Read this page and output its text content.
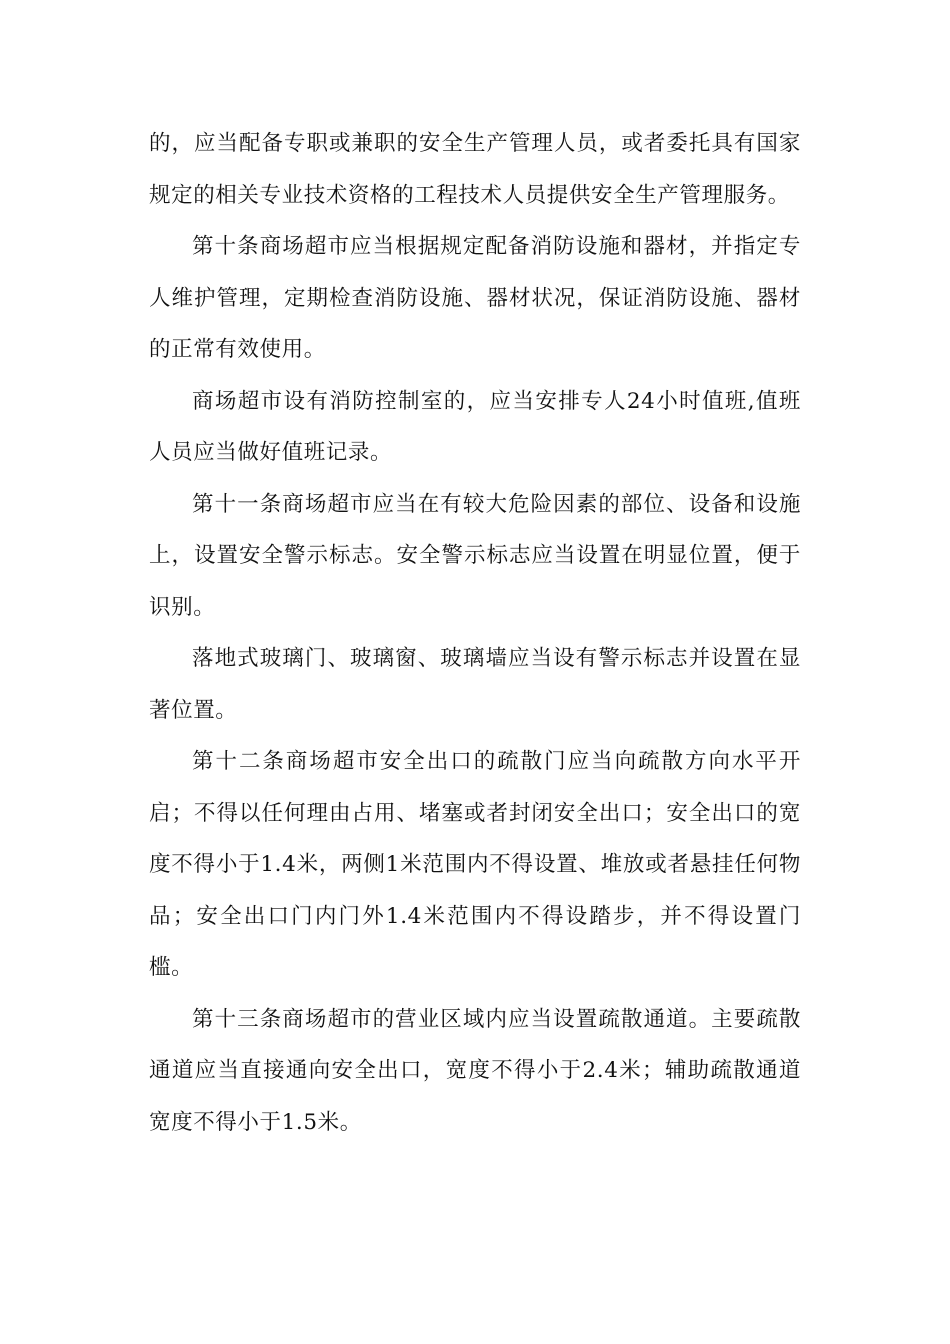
的，应当配备专职或兼职的安全生产管理人员，或者委托具有国家规定的相关专业技术资格的工程技术人员提供安全生产管理服务。

第十条商场超市应当根据规定配备消防设施和器材，并指定专人维护管理，定期检查消防设施、器材状况，保证消防设施、器材的正常有效使用。

商场超市设有消防控制室的，应当安排专人24小时值班,值班人员应当做好值班记录。

第十一条商场超市应当在有较大危险因素的部位、设备和设施上，设置安全警示标志。安全警示标志应当设置在明显位置，便于识别。

落地式玻璃门、玻璃窗、玻璃墙应当设有警示标志并设置在显著位置。

第十二条商场超市安全出口的疏散门应当向疏散方向水平开启；不得以任何理由占用、堵塞或者封闭安全出口；安全出口的宽度不得小于1.4米，两侧1米范围内不得设置、堆放或者悬挂任何物品；安全出口门内门外1.4米范围内不得设踏步，并不得设置门槛。

第十三条商场超市的营业区域内应当设置疏散通道。主要疏散通道应当直接通向安全出口，宽度不得小于2.4米；辅助疏散通道宽度不得小于1.5米。
